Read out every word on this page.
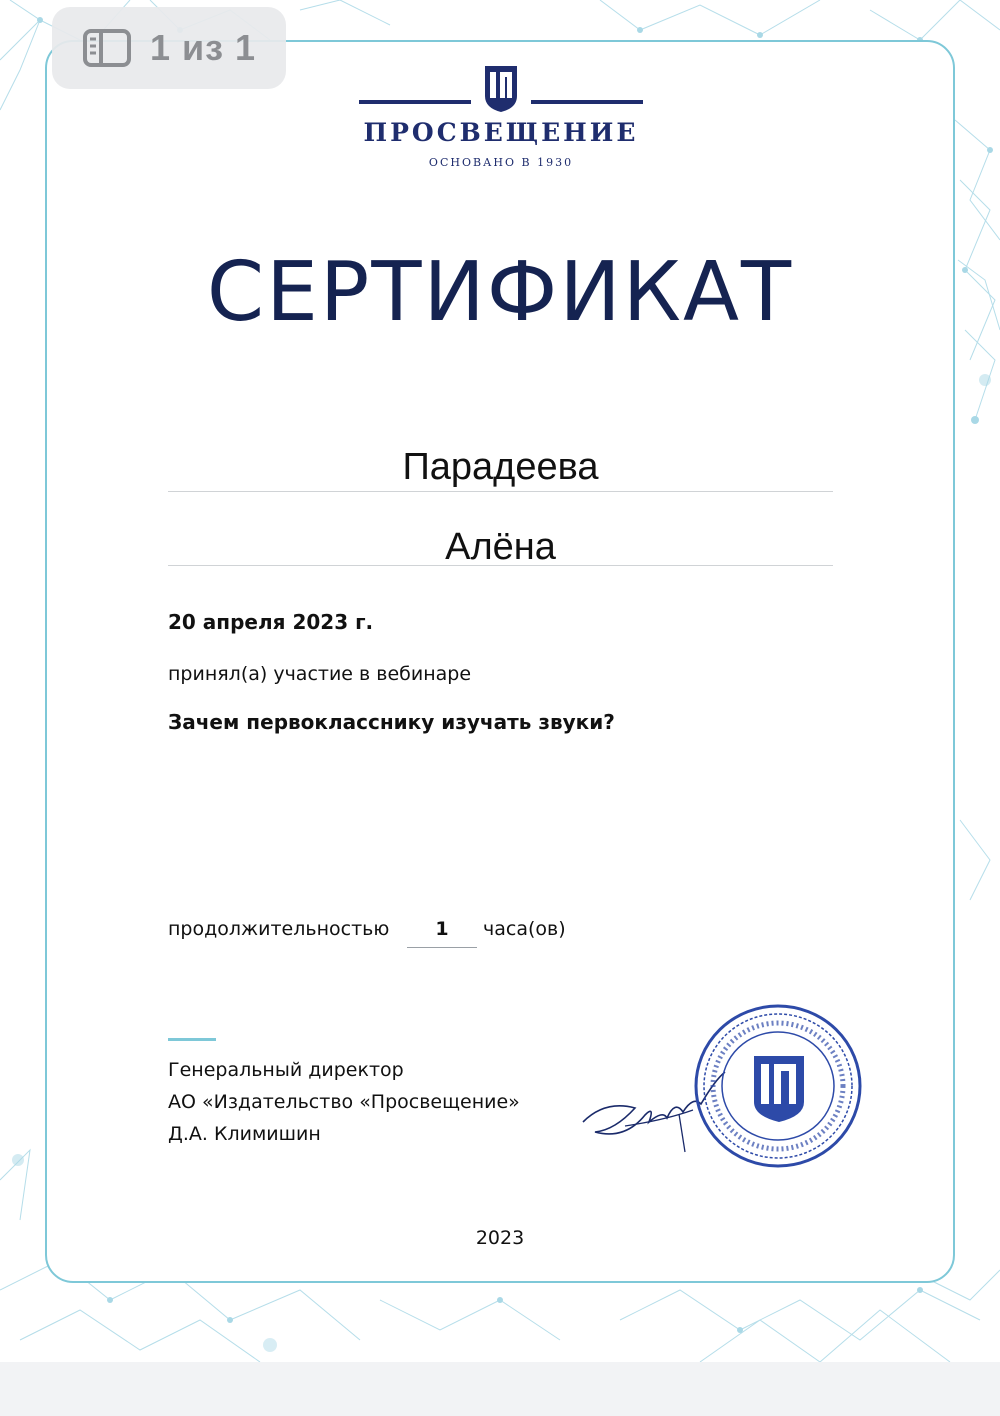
ПРОСВЕЩЕНИЕ
ОСНОВАНО В 1930
СЕРТИФИКАТ
Парадеева
Алёна
20 апреля 2023 г.
принял(а) участие в вебинаре
Зачем первокласснику изучать звуки?
продолжительностью	1	часа(ов)
Генеральный директор
АО «Издательство «Просвещение»
Д.А. Климишин
2023
1 из 1
